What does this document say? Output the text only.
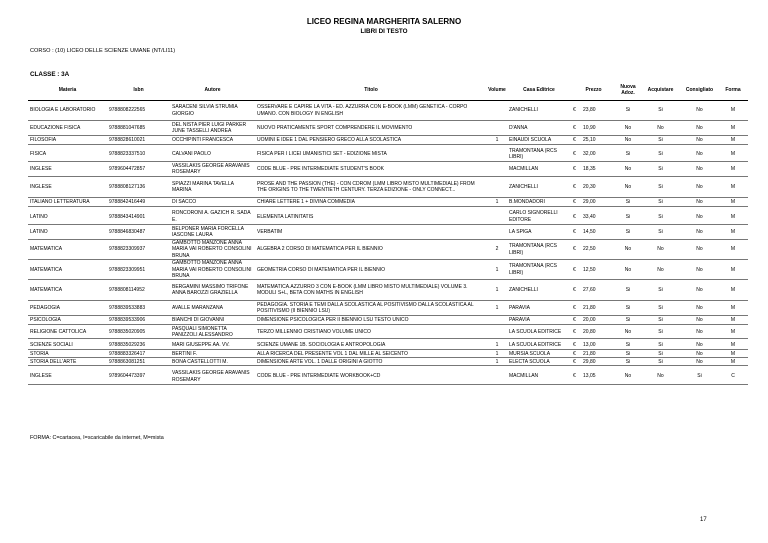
LICEO REGINA MARGHERITA SALERNO
LIBRI DI TESTO
CORSO : (10) LICEO DELLE SCIENZE UMANE (NT/LI11)
CLASSE : 3A
Materia	Isbn	Autore	Titolo	Volume	Casa Editrice	Prezzo	Nuova Adoz.	Acquistare	Consigliato	Forma
BIOLOGIA E LABORATORIO	9788808222565	SARACENI SILVIA STRUMIA GIORGIO	OSSERVARE E CAPIRE LA VITA - ED. AZZURRA CON E-BOOK (LMM) GENETICA - CORPO UMANO. CON BIOLOGY IN ENGLISH		ZANICHELLI	€ 23,80	Si	Si	No	M
EDUCAZIONE FISICA	9788881047685	DEL NISTA PIER LUIGI PARKER JUNE TASSELLI ANDREA	NUOVO PRATICAMENTE SPORT COMPRENDERE IL MOVIMENTO		D'ANNA	€ 10,90	No	No	No	M
FILOSOFIA	9788828610021	OCCHIPINTI FRANCESCA	UOMINI E IDEE 1 DAL PENSIERO GRECO ALLA SCOLASTICA	1	EINAUDI SCUOLA	€ 25,10	No	Si	No	M

FISICA	9788823337510	CALVANI PAOLO	FISICA PER I LICEI UMANISTICI SET - EDIZIONE MISTA		TRAMONTANA (RCS LIBRI)	€ 32,00	Si	Si	No	M
INGLESE	9789604472857	VASSILAKIS GEORGE ARAVANIS ROSEMARY	CODE BLUE - PRE INTERMEDIATE STUDENT'S BOOK		MACMILLAN	€ 18,35	No	Si	No	M
INGLESE	9788808127136	SPIAZZI MARINA TAVELLA MARINA	PROSE AND THE PASSION (THE) - CON CDROM (LMM LIBRO MISTO MULTIMEDIALE) FROM THE ORIGINS TO THE TWENTIETH CENTURY. TERZA EDIZIONE - ONLY CONNECT...		ZANICHELLI	€ 20,30	No	Si	No	M
ITALIANO LETTERATURA	9788842416449	DI SACCO	CHIARE LETTERE 1 + DIVINA COMMEDIA	1	B.MONDADORI	€ 29,00	Si	Si	No	M

LATINO	9788843414901	RONCORONI A. GAZICH R. SADA E.	ELEMENTA LATINITATIS		CARLO SIGNORELLI EDITORE	€ 33,40	Si	Si	No	M
LATINO	9788846830487	BELPONER MARIA FORCELLA IASCONE LAURA	VERBATIM		LA SPIGA	€ 14,50	Si	Si	No	M
MATEMATICA	9788823309937	GAMBOTTO MANZONE ANNA MARIA VAI ROBERTO CONSOLINI BRUNA	ALGEBRA 2 CORSO DI MATEMATICA PER IL BIENNIO	2	TRAMONTANA (RCS LIBRI)	€ 22,50	No	No	No	M
MATEMATICA	9788823309951	GAMBOTTO MANZONE ANNA MARIA VAI ROBERTO CONSOLINI BRUNA	GEOMETRIA CORSO DI MATEMATICA PER IL BIENNIO	1	TRAMONTANA (RCS LIBRI)	€ 12,50	No	No	No	M
MATEMATICA	9788808114952	BERGAMINI MASSIMO TRIFONE ANNA BAROZZI GRAZIELLA	MATEMATICA.AZZURRO 3 CON E-BOOK (LMM LIBRO MISTO MULTIMEDIALE) VOLUME 3. MODULI S+L, BETA CON MATHS IN ENGLISH	1	ZANICHELLI	€ 27,60	Si	Si	No	M
PEDAGOGIA	9788839533883	AVALLE MARANZANA	PEDAGOGIA. STORIA E TEMI DALLA SCOLASTICA AL POSITIVISMO DALLA SCOLASTICA AL POSITIVISMO (II BIENNIO LSU)	1	PARAVIA	€ 21,80	Si	Si	No	M
PSICOLOGIA	9788839533906	BIANCHI DI GIOVANNI	DIMENSIONE PSICOLOGICA PER II BIENNIO LSU TESTO UNICO		PARAVIA	€ 20,00	Si	Si	No	M
RELIGIONE CATTOLICA	9788835020905	PASQUALI SIMONETTA PANIZZOLI ALESSANDRO	TERZO MILLENNIO CRISTIANO VOLUME UNICO		LA SCUOLA EDITRICE	€ 20,80	No	Si	No	M

SCIENZE SOCIALI	9788835029236	MARI GIUSEPPE AA. VV.	SCIENZE UMANE 1B. SOCIOLOGIA E ANTROPOLOGIA	1	LA SCUOLA EDITRICE	€ 13,00	Si	Si	No	M
STORIA	9788883326417	BERTINI F.	ALLA RICERCA DEL PRESENTE VOL 1 DAL MILLE AL SEICENTO	1	MURSIA SCUOLA	€ 21,80	Si	Si	No	M
STORIA DELL'ARTE	9788863081251	BONA CASTELLOTTI M.	DIMENSIONE ARTE VOL. 1 DALLE ORIGINI A GIOTTO	1	ELECTA SCUOLA	€ 29,80	Si	Si	No	M

INGLESE	9789604473397	VASSILAKIS GEORGE ARAVANIS ROSEMARY	CODE BLUE - PRE INTERMEDIATE WORKBOOK+CD		MACMILLAN	€ 13,05	No	No	Si	C
FORMA: C=cartacea, I=scaricabile da internet, M=mista
17
